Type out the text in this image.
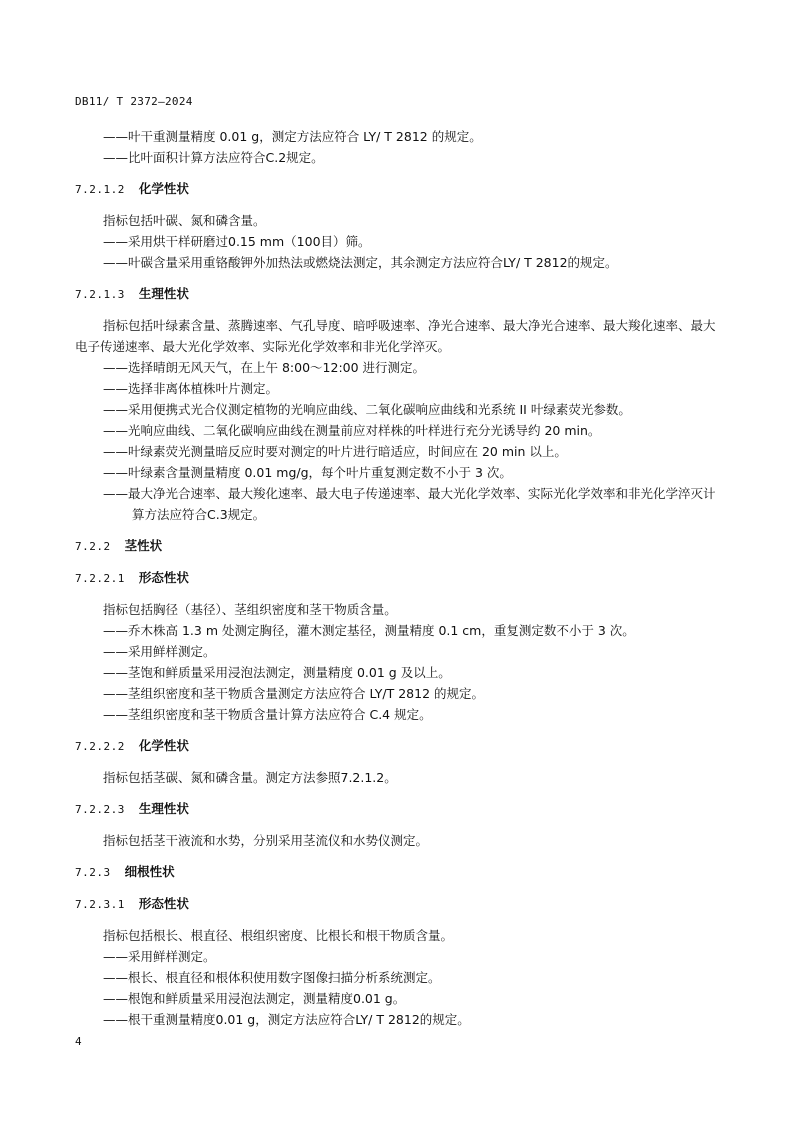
DB11/ T 2372—2024
——叶干重测量精度 0.01 g，测定方法应符合 LY/ T 2812 的规定。
——比叶面积计算方法应符合C.2规定。
7.2.1.2 化学性状
指标包括叶碳、氮和磷含量。
——采用烘干样研磨过0.15 mm（100目）筛。
——叶碳含量采用重铬酸钾外加热法或燃烧法测定，其余测定方法应符合LY/ T 2812的规定。
7.2.1.3 生理性状
指标包括叶绿素含量、蒸腾速率、气孔导度、暗呼吸速率、净光合速率、最大净光合速率、最大羧化速率、最大电子传递速率、最大光化学效率、实际光化学效率和非光化学淬灭。
——选择晴朗无风天气，在上午 8:00～12:00 进行测定。
——选择非离体植株叶片测定。
——采用便携式光合仪测定植物的光响应曲线、二氧化碳响应曲线和光系统 II 叶绿素荧光参数。
——光响应曲线、二氧化碳响应曲线在测量前应对样株的叶样进行充分光诱导约 20 min。
——叶绿素荧光测量暗反应时要对测定的叶片进行暗适应，时间应在 20 min 以上。
——叶绿素含量测量精度 0.01 mg/g，每个叶片重复测定数不小于 3 次。
——最大净光合速率、最大羧化速率、最大电子传递速率、最大光化学效率、实际光化学效率和非光化学淬灭计算方法应符合C.3规定。
7.2.2 茎性状
7.2.2.1 形态性状
指标包括胸径（基径）、茎组织密度和茎干物质含量。
——乔木株高 1.3 m 处测定胸径，灌木测定基径，测量精度 0.1 cm，重复测定数不小于 3 次。
——采用鲜样测定。
——茎饱和鲜质量采用浸泡法测定，测量精度 0.01 g 及以上。
——茎组织密度和茎干物质含量测定方法应符合 LY/T 2812 的规定。
——茎组织密度和茎干物质含量计算方法应符合 C.4 规定。
7.2.2.2 化学性状
指标包括茎碳、氮和磷含量。测定方法参照7.2.1.2。
7.2.2.3 生理性状
指标包括茎干液流和水势，分别采用茎流仪和水势仪测定。
7.2.3 细根性状
7.2.3.1 形态性状
指标包括根长、根直径、根组织密度、比根长和根干物质含量。
——采用鲜样测定。
——根长、根直径和根体积使用数字图像扫描分析系统测定。
——根饱和鲜质量采用浸泡法测定，测量精度0.01 g。
——根干重测量精度0.01 g，测定方法应符合LY/ T 2812的规定。
4
